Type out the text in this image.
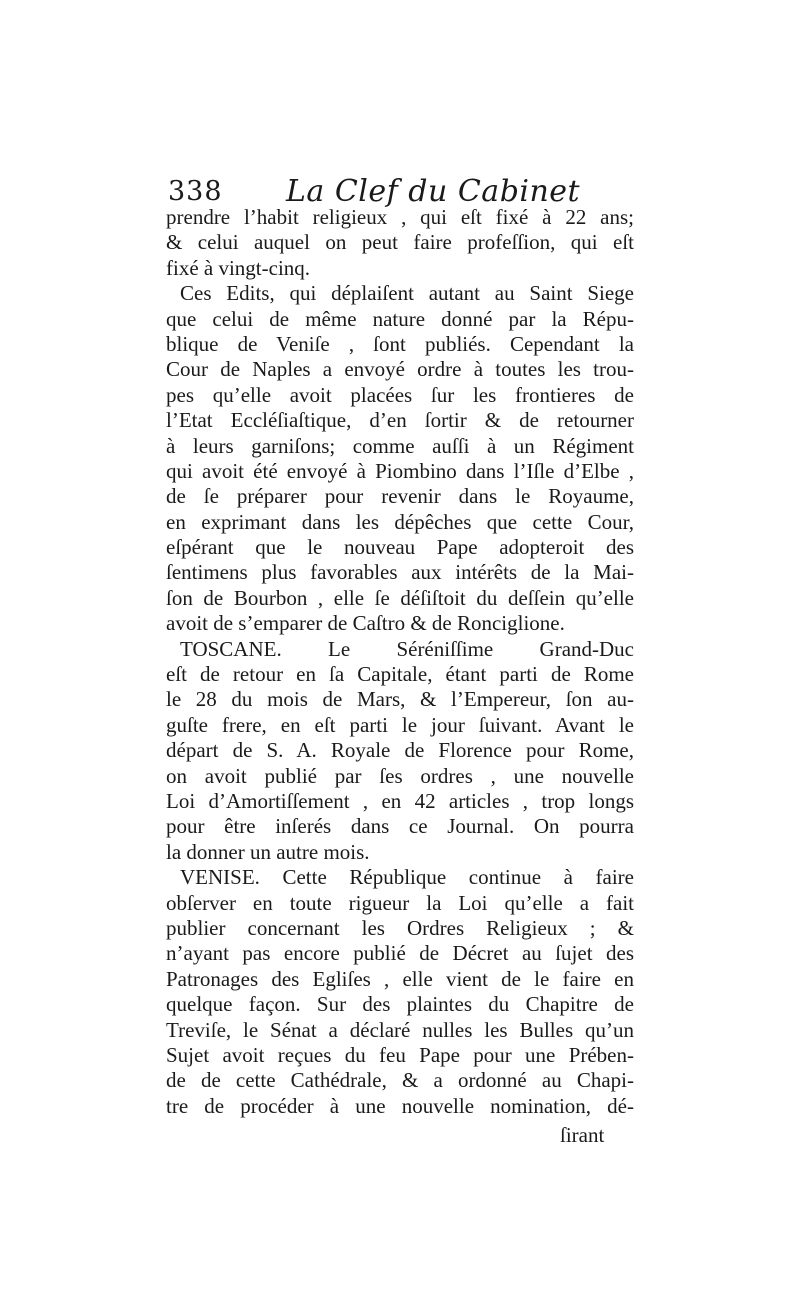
338 La Clef du Cabinet
prendre l’habit religieux , qui eſt fixé à 22 ans;
& celui auquel on peut faire profeſſion, qui eſt
fixé à vingt-cinq.
Ces Edits, qui déplaiſent autant au Saint Siege
que celui de même nature donné par la Répu-
blique de Veniſe , ſont publiés. Cependant la
Cour de Naples a envoyé ordre à toutes les trou-
pes qu’elle avoit placées ſur les frontieres de
l’Etat Eccléſiaſtique, d’en ſortir & de retourner
à leurs garniſons; comme auſſi à un Régiment
qui avoit été envoyé à Piombino dans l’Iſle d’Elbe ,
de ſe préparer pour revenir dans le Royaume,
en exprimant dans les dépêches que cette Cour,
eſpérant que le nouveau Pape adopteroit des
ſentimens plus favorables aux intérêts de la Mai-
ſon de Bourbon , elle ſe déſiſtoit du deſſein qu’elle
avoit de s’emparer de Caſtro & de Ronciglione.
TOSCANE. Le Séréniſſime Grand-Duc
eſt de retour en ſa Capitale, étant parti de Rome
le 28 du mois de Mars, & l’Empereur, ſon au-
guſte frere, en eſt parti le jour ſuivant. Avant le
départ de S. A. Royale de Florence pour Rome,
on avoit publié par ſes ordres , une nouvelle
Loi d’Amortiſſement , en 42 articles , trop longs
pour être inſerés dans ce Journal. On pourra
la donner un autre mois.
VENISE. Cette République continue à faire
obſerver en toute rigueur la Loi qu’elle a fait
publier concernant les Ordres Religieux ; &
n’ayant pas encore publié de Décret au ſujet des
Patronages des Egliſes , elle vient de le faire en
quelque façon. Sur des plaintes du Chapitre de
Treviſe, le Sénat a déclaré nulles les Bulles qu’un
Sujet avoit reçues du feu Pape pour une Prében-
de de cette Cathédrale, & a ordonné au Chapi-
tre de procéder à une nouvelle nomination, dé-
ſirant
